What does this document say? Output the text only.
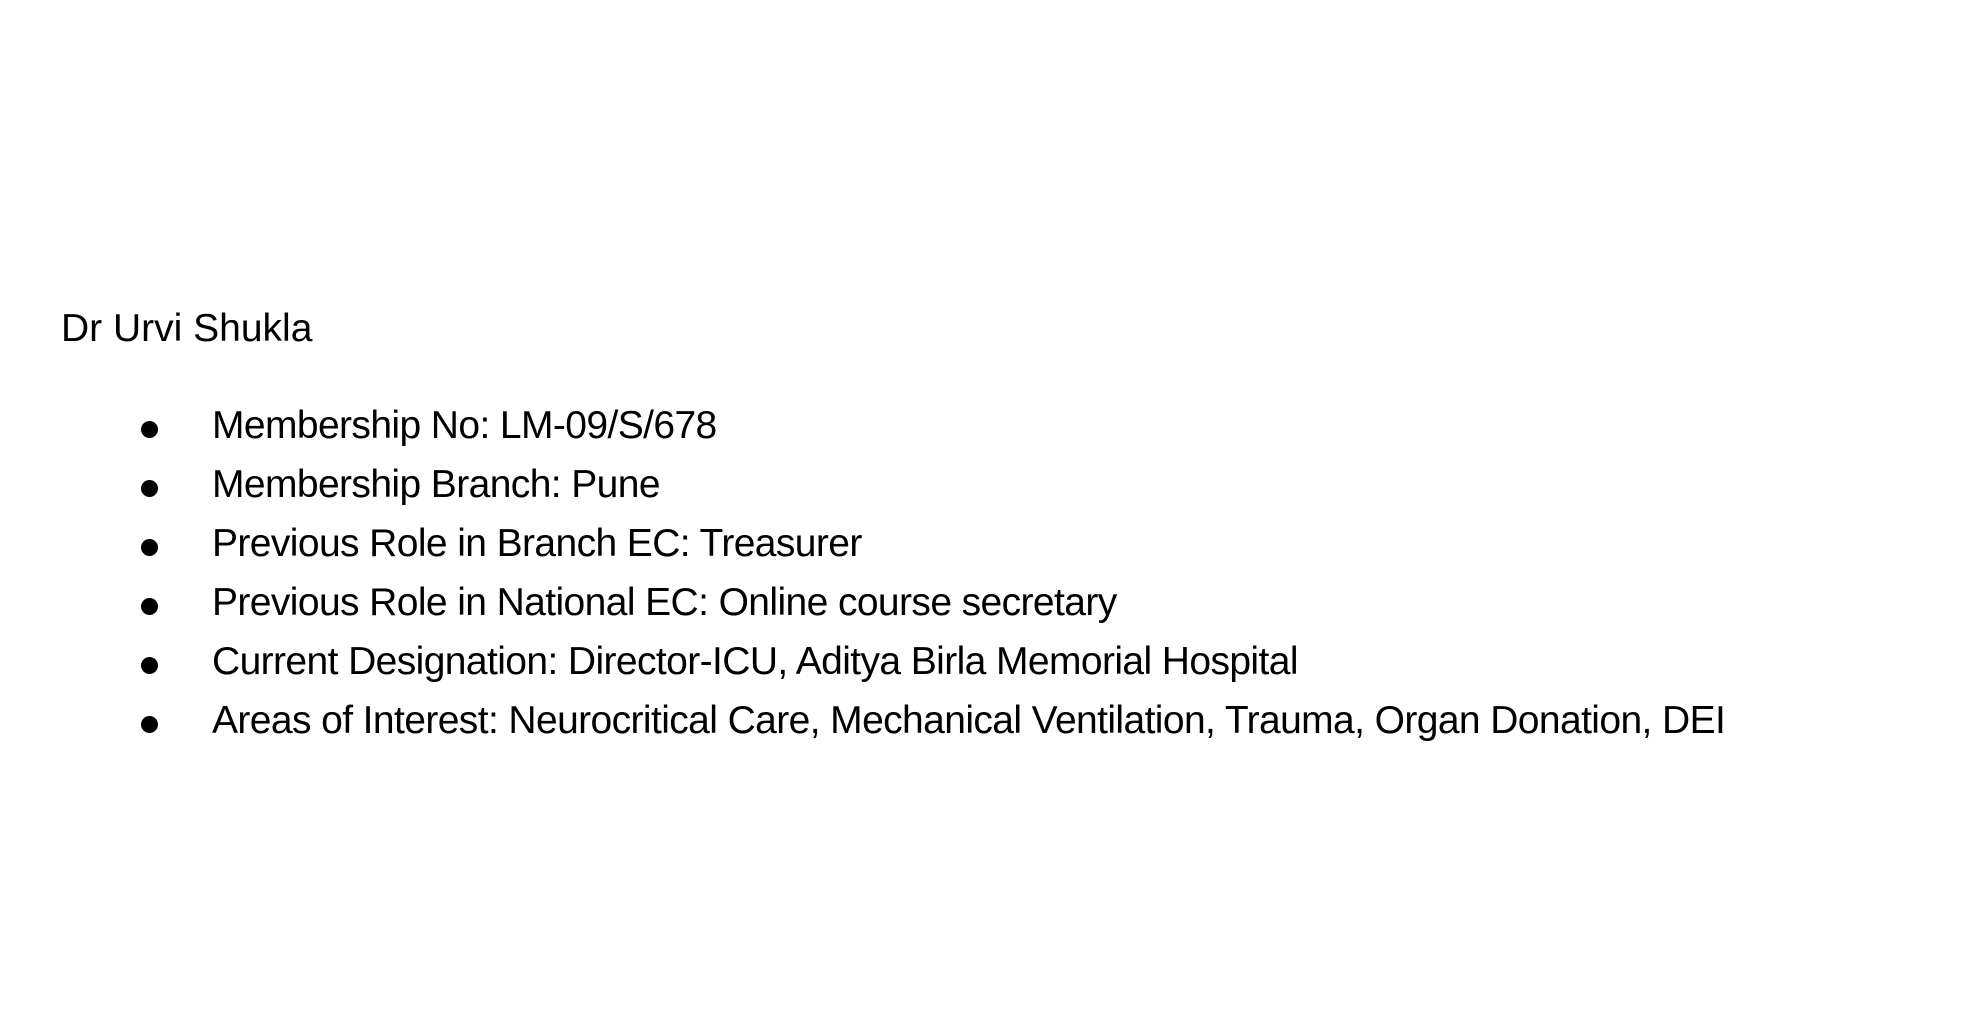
Dr Urvi Shukla
Membership No: LM-09/S/678
Membership Branch: Pune
Previous Role in Branch EC: Treasurer
Previous Role in National EC: Online course secretary
Current Designation: Director-ICU, Aditya Birla Memorial Hospital
Areas of Interest: Neurocritical Care, Mechanical Ventilation, Trauma, Organ Donation, DEI
